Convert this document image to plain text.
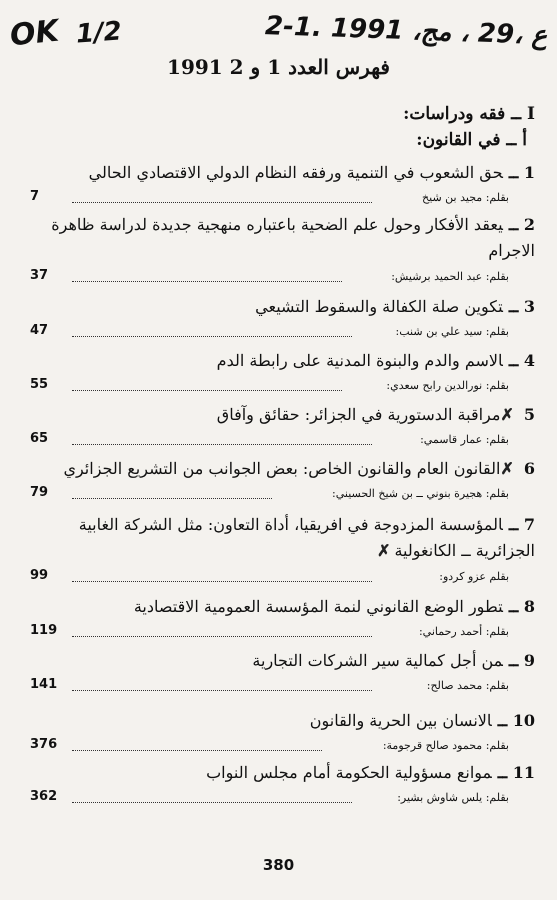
OK 1/2	2-1. ع ،29 ، مج، 1991
فهرس العدد 1 و 2 1991
I ــ فقه ودراسات:
أ ــ في القانون:
1 ــحق الشعوب في التنمية ورفقه النظام الدولي الاقتصادي الحالي
بقلم: مجيد بن شيخ
7
2 ــيعقد الأفكار وحول علم الضحية باعتباره منهجية جديدة لدراسة ظاهرة الاجرام
بقلم: عبد الحميد برشيش:
37
3 ــتكوين صلة الكفالة والسقوط التشيعي
بقلم: سيد علي بن شنب:
47
4 ــالاسم والدم والبنوة المدنية على رابطة الدم
بقلم: نورالدين رابح سعدي:
55
5✗مراقبة الدستورية في الجزائر: حقائق وآفاق
بقلم: عمار قاسمي:
65
6✗القانون العام والقانون الخاص: بعض الجوانب من التشريع الجزائري
بقلم: هجيرة بنوني ــ بن شيخ الحسيني:
79
7 ــالمؤسسة المزدوجة في افريقيا، أداة التعاون: مثل الشركة الغابية الجزائرية ــ الكانغولية✗
بقلم عزو كردو:
99
8 ــتطور الوضع القانوني لنمة المؤسسة العمومية الاقتصادية
بقلم: أحمد رحماني:
119
9 ــمن أجل كمالية سير الشركات التجارية
بقلم: محمد صالح:
141
10 ــالانسان بين الحرية والقانون
بقلم: محمود صالح قرجومة:
376
11 ــموانع مسؤولية الحكومة أمام مجلس النواب
بقلم: يلس شاوش بشير:
362
380
